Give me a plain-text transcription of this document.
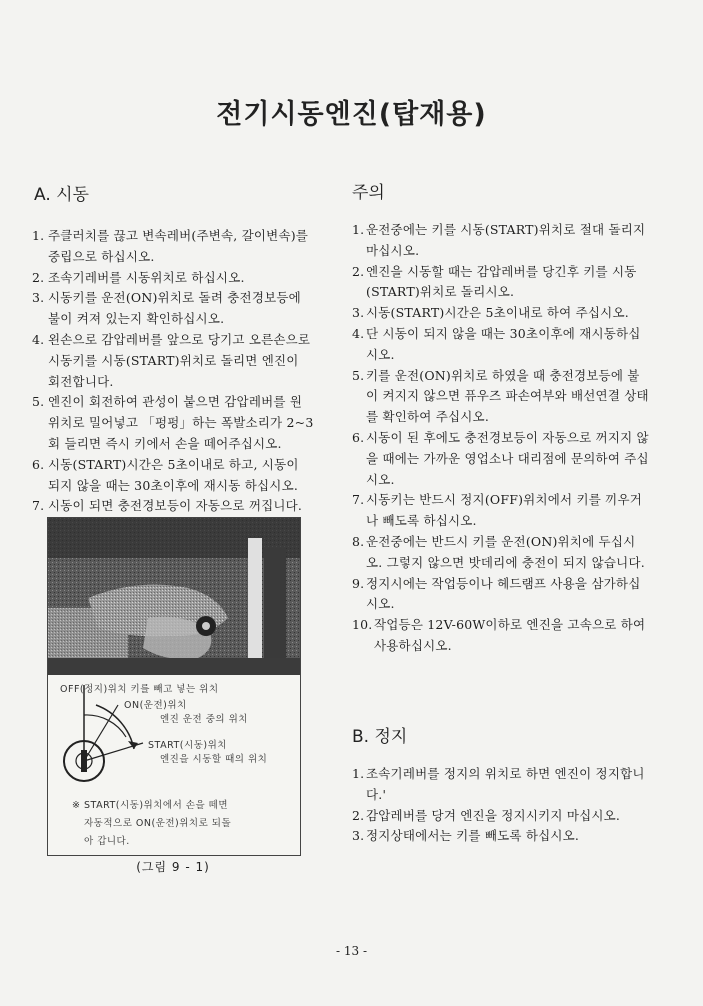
전기시동엔진(탑재용)
A. 시동
1. 주클러치를 끊고 변속레버(주변속, 갈이변속)를 중립으로 하십시오.
2. 조속기레버를 시동위치로 하십시오.
3. 시동키를 운전(ON)위치로 돌려 충전경보등에 불이 켜져 있는지 확인하십시오.
4. 왼손으로 감압레버를 앞으로 당기고 오른손으로 시동키를 시동(START)위치로 돌리면 엔진이 회전합니다.
5. 엔진이 회전하여 관성이 붙으면 감압레버를 원위치로 밀어넣고 「펑펑」하는 폭발소리가 2~3회 들리면 즉시 키에서 손을 떼어주십시오.
6. 시동(START)시간은 5초이내로 하고, 시동이 되지 않을 때는 30초이후에 재시동 하십시오.
7. 시동이 되면 충전경보등이 자동으로 꺼집니다.
OFF(정지)위치 키를 빼고 넣는 위치
ON(운전)위치
엔진 운전 중의 위치
START(시동)위치
엔진을 시동할 때의 위치
※ START(시동)위치에서 손을 떼면
자동적으로 ON(운전)위치로 되돌
아 갑니다.
(그림 9 - 1)
주의
1. 운전중에는 키를 시동(START)위치로 절대 돌리지 마십시오.
2. 엔진을 시동할 때는 감압레버를 당긴후 키를 시동(START)위치로 돌리시오.
3. 시동(START)시간은 5초이내로 하여 주십시오.
4. 단 시동이 되지 않을 때는 30초이후에 재시동하십시오.
5. 키를 운전(ON)위치로 하였을 때 충전경보등에 불이 켜지지 않으면 퓨우즈 파손여부와 배선연결 상태를 확인하여 주십시오.
6. 시동이 된 후에도 충전경보등이 자동으로 꺼지지 않을 때에는 가까운 영업소나 대리점에 문의하여 주십시오.
7. 시동키는 반드시 정지(OFF)위치에서 키를 끼우거나 빼도록 하십시오.
8. 운전중에는 반드시 키를 운전(ON)위치에 두십시오. 그렇지 않으면 밧데리에 충전이 되지 않습니다.
9. 정지시에는 작업등이나 헤드램프 사용을 삼가하십시오.
10. 작업등은 12V-60W이하로 엔진을 고속으로 하여 사용하십시오.
B. 정지
1. 조속기레버를 정지의 위치로 하면 엔진이 정지합니다.'
2. 감압레버를 당겨 엔진을 정지시키지 마십시오.
3. 정지상태에서는 키를 빼도록 하십시오.
- 13 -
